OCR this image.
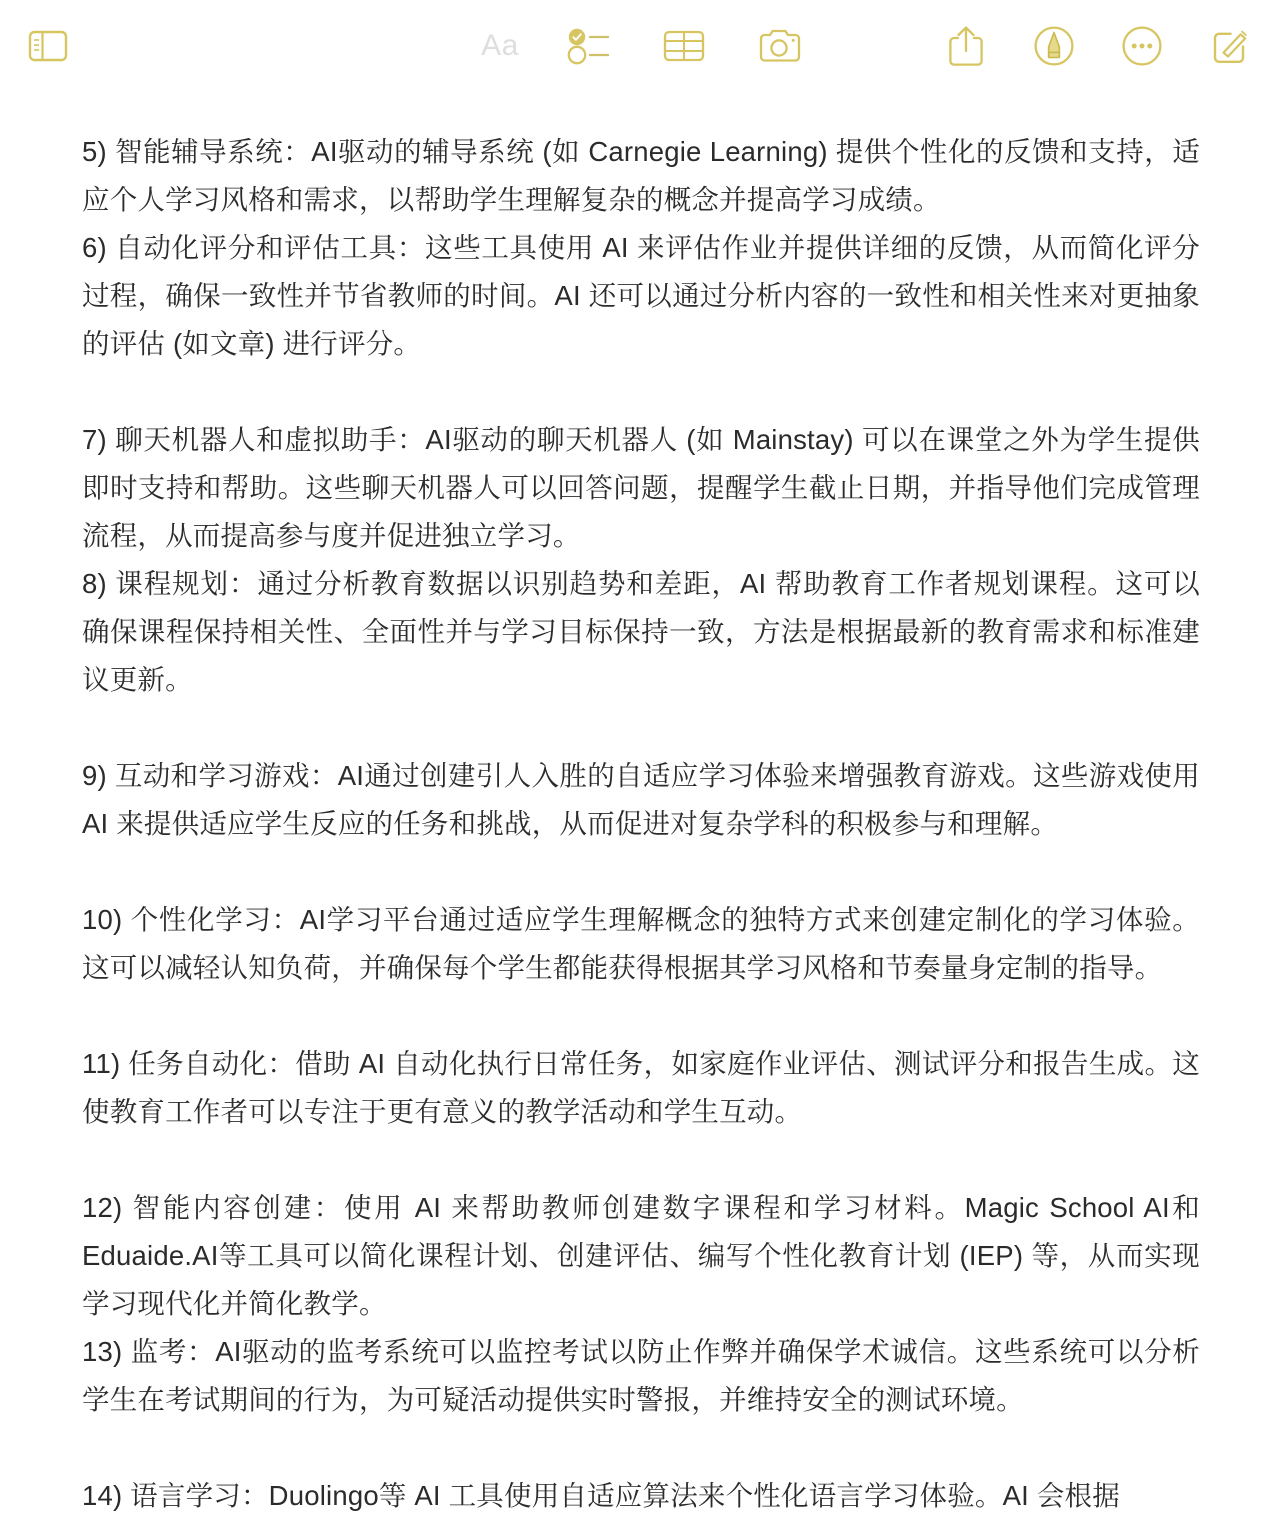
Aa

5) 智能辅导系统：AI驱动的辅导系统 (如 Carnegie Learning) 提供个性化的反馈和支持，适应个人学习风格和需求，以帮助学生理解复杂的概念并提高学习成绩。

6) 自动化评分和评估工具：这些工具使用 AI 来评估作业并提供详细的反馈，从而简化评分过程，确保一致性并节省教师的时间。AI 还可以通过分析内容的一致性和相关性来对更抽象的评估 (如文章) 进行评分。

7) 聊天机器人和虚拟助手：AI驱动的聊天机器人 (如 Mainstay) 可以在课堂之外为学生提供即时支持和帮助。这些聊天机器人可以回答问题，提醒学生截止日期，并指导他们完成管理流程，从而提高参与度并促进独立学习。

8) 课程规划：通过分析教育数据以识别趋势和差距，AI 帮助教育工作者规划课程。这可以确保课程保持相关性、全面性并与学习目标保持一致，方法是根据最新的教育需求和标准建议更新。

9) 互动和学习游戏：AI通过创建引人入胜的自适应学习体验来增强教育游戏。这些游戏使用 AI 来提供适应学生反应的任务和挑战，从而促进对复杂学科的积极参与和理解。

10) 个性化学习：AI学习平台通过适应学生理解概念的独特方式来创建定制化的学习体验。这可以减轻认知负荷，并确保每个学生都能获得根据其学习风格和节奏量身定制的指导。

11) 任务自动化：借助 AI 自动化执行日常任务，如家庭作业评估、测试评分和报告生成。这使教育工作者可以专注于更有意义的教学活动和学生互动。

12) 智能内容创建：使用 AI 来帮助教师创建数字课程和学习材料。Magic School AI和 Eduaide.AI等工具可以简化课程计划、创建评估、编写个性化教育计划 (IEP) 等，从而实现学习现代化并简化教学。

13) 监考：AI驱动的监考系统可以监控考试以防止作弊并确保学术诚信。这些系统可以分析学生在考试期间的行为，为可疑活动提供实时警报，并维持安全的测试环境。

14) 语言学习：Duolingo等 AI 工具使用自适应算法来个性化语言学习体验。AI 会根据
